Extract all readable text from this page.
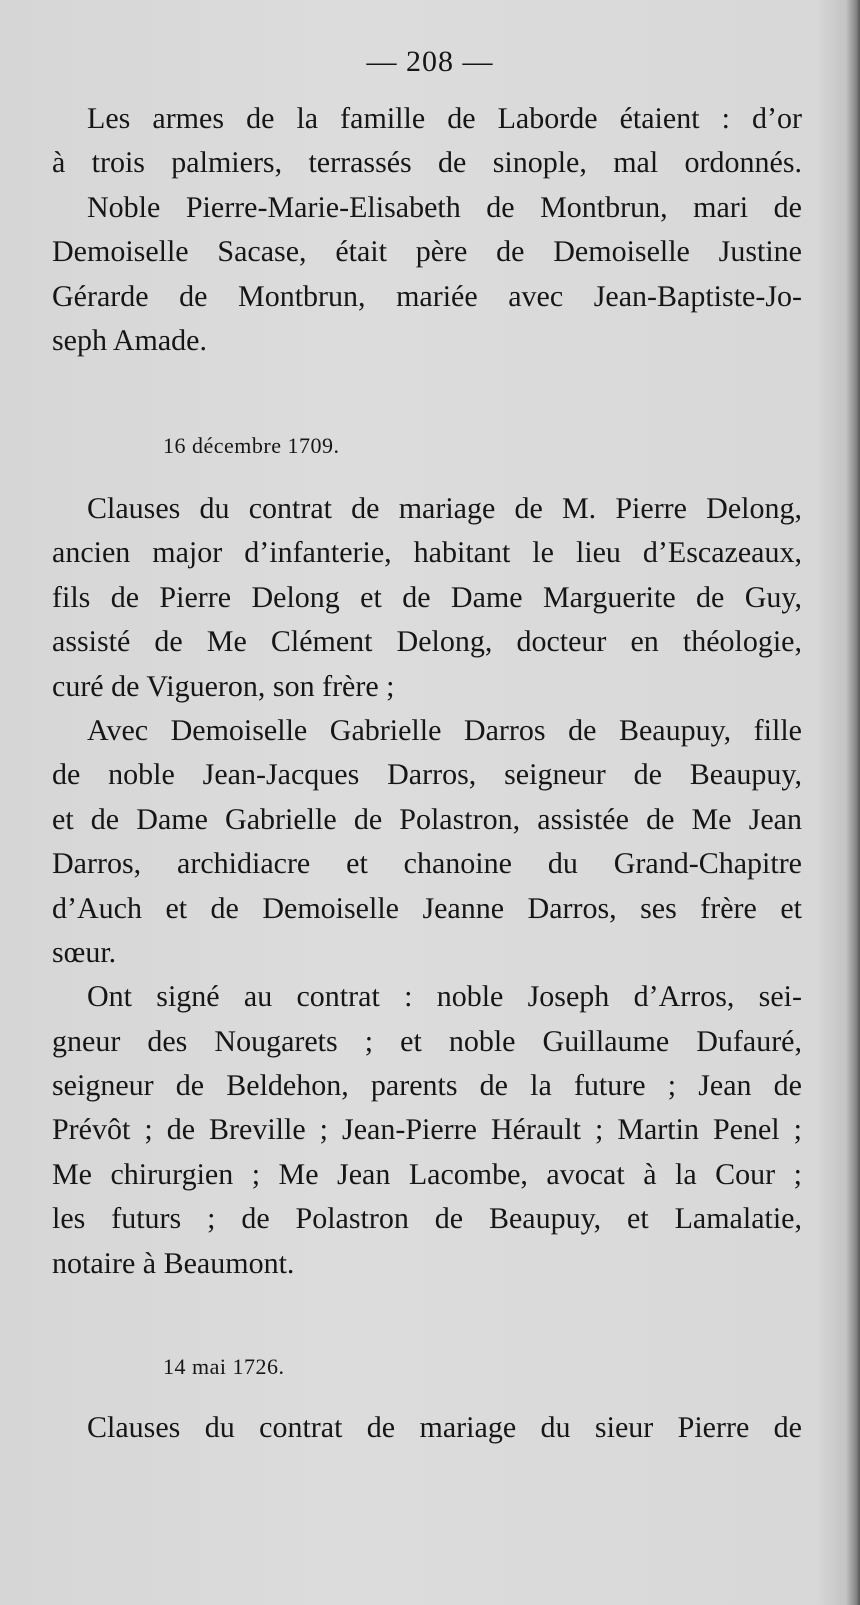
— 208 —
Les armes de la famille de Laborde étaient : d’or
à trois palmiers, terrassés de sinople, mal ordonnés.
Noble Pierre-Marie-Elisabeth de Montbrun, mari de
Demoiselle Sacase, était père de Demoiselle Justine
Gérarde de Montbrun, mariée avec Jean-Baptiste-Jo-
seph Amade.
16 décembre 1709.
Clauses du contrat de mariage de M. Pierre Delong,
ancien major d’infanterie, habitant le lieu d’Escazeaux,
fils de Pierre Delong et de Dame Marguerite de Guy,
assisté de Me Clément Delong, docteur en théologie,
curé de Vigueron, son frère ;
Avec Demoiselle Gabrielle Darros de Beaupuy, fille
de noble Jean-Jacques Darros, seigneur de Beaupuy,
et de Dame Gabrielle de Polastron, assistée de Me Jean
Darros, archidiacre et chanoine du Grand-Chapitre
d’Auch et de Demoiselle Jeanne Darros, ses frère et
sœur.
Ont signé au contrat : noble Joseph d’Arros, sei-
gneur des Nougarets ; et noble Guillaume Dufauré,
seigneur de Beldehon, parents de la future ; Jean de
Prévôt ; de Breville ; Jean-Pierre Hérault ; Martin Penel ;
Me chirurgien ; Me Jean Lacombe, avocat à la Cour ;
les futurs ; de Polastron de Beaupuy, et Lamalatie,
notaire à Beaumont.
14 mai 1726.
Clauses du contrat de mariage du sieur Pierre de
